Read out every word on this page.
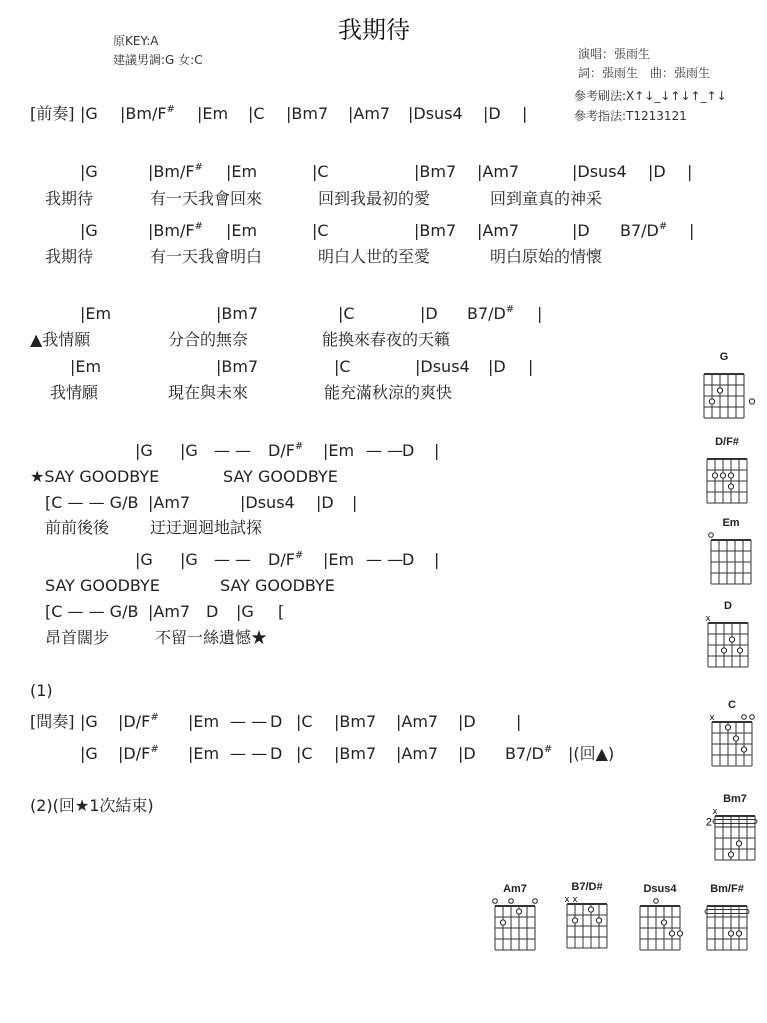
我期待
原KEY:A
建議男調:G 女:C	演唱：張雨生
詞：張雨生　曲：張雨生
參考刷法:X↑↓_↓↑↓↑_↑↓
參考指法:T1213121
[前奏] |G |Bm/F# |Em |C |Bm7 |Am7 |Dsus4 |D |
|G	|Bm/F# |Em	|C	|Bm7 |Am7	|Dsus4 |D |
我期待	有一天我會回來	回到我最初的愛	回到童真的神采
|G	|Bm/F# |Em	|C	|Bm7 |Am7	|D B7/D# |
我期待	有一天我會明白	明白人世的至愛	明白原始的情懷
|Em	|Bm7	|C	|D B7/D# |
▲我情願	分合的無奈	能換來春夜的天籟
|Em	|Bm7	|C	|Dsus4 |D |
我情願	現在與未來	能充滿秋涼的爽快
|G |G — — D/F# |Em — —
D |
★SAY GOODBYE	SAY GOODBYE
[C — — G/B |Am7	|Dsus4 |D |
前前後後	迂迂迴迴地試探
|G |G — — D/F# |Em — —
D |
SAY GOODBYE	SAY GOODBYE
[C — — G/B |Am7 D |G [
昂首闊步	不留一絲遺憾★
(1)
[間奏] |G |D/F# |Em — — D |C |Bm7 |Am7 |D	|
|G |D/F# |Em — — D |C |Bm7 |Am7 |D B7/D# |(回▲)
(2)(回★1次結束)
G
D/F#
Em
D
x
C
x
Bm7
2
x
Am7	B7/D#
x x
Dsus4	Bm/F#
